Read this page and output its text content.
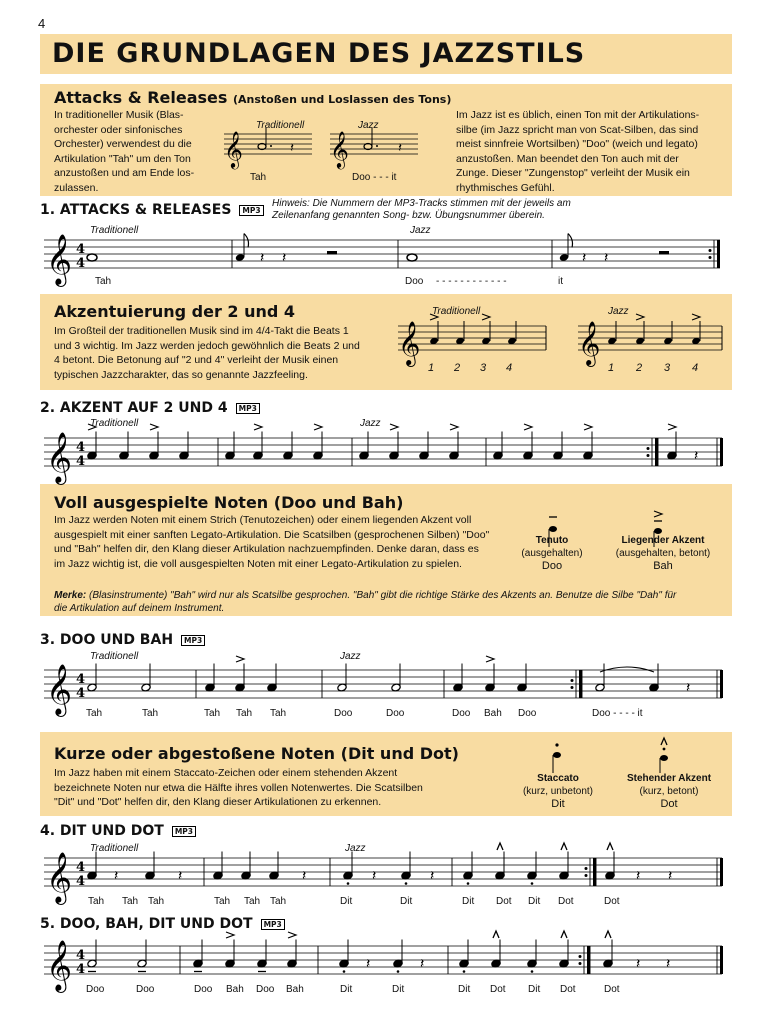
4
DIE GRUNDLAGEN DES JAZZSTILS
Attacks & Releases (Anstoßen und Loslassen des Tons)
In traditioneller Musik (Blas-
orchester oder sinfonisches
Orchester) verwendest du die
Artikulation "Tah" um den Ton
anzustoßen und am Ende los-
zulassen.
Im Jazz ist es üblich, einen Ton mit der Artikulations-
silbe (im Jazz spricht man von Scat-Silben, das sind
meist sinnfreie Wortsilben) "Doo" (weich und legato)
anzustoßen. Man beendet den Ton auch mit der
Zunge. Dieser "Zungenstop" verleiht der Musik ein
rhythmisches Gefühl.
Traditionell	Jazz
Tah	Doo - - - it
𝄞	𝄞
𝄽	𝄽
1. ATTACKS & RELEASES MP3
Hinweis: Die Nummern der MP3-Tracks stimmen mit der jeweils am
Zeilenanfang genannten Song- bzw. Übungsnummer überein.
Traditionell	Jazz
Tah	Doo - - - - - - - - - - - -	it
Akzentuierung der 2 und 4
Im Großteil der traditionellen Musik sind im 4/4-Takt die Beats 1
und 3 wichtig. Im Jazz werden jedoch gewöhnlich die Beats 2 und
4 betont. Die Betonung auf "2 und 4" verleiht der Musik einen
typischen Jazzcharakter, das so genannte Jazzfeeling.
Traditionell	Jazz
1 2 3 4	1 2 3 4
2. AKZENT AUF 2 UND 4 MP3
Traditionell	Jazz
Voll ausgespielte Noten (Doo und Bah)
Im Jazz werden Noten mit einem Strich (Tenutozeichen) oder einem liegenden Akzent voll
ausgespielt mit einer sanften Legato-Artikulation. Die Scatsilben (gesprochenen Silben) "Doo"
und "Bah" helfen dir, den Klang dieser Artikulation nachzuempfinden. Denke daran, dass es
im Jazz wichtig ist, die voll ausgespielten Noten mit einer Legato-Artikulation zu spielen.
Tenuto
(ausgehalten)
Doo
Liegender Akzent
(ausgehalten, betont)
Bah
Merke: (Blasinstrumente) "Bah" wird nur als Scatsilbe gesprochen. "Bah" gibt die richtige Stärke des Akzents an. Benutze die Silbe "Dah" für
die Artikulation auf deinem Instrument.
3. DOO UND BAH MP3
Traditionell	Jazz
Tah	Tah	Tah Tah Tah	Doo	Doo	Doo Bah Doo	Doo - - - - it
Kurze oder abgestoßene Noten (Dit und Dot)
Im Jazz haben mit einem Staccato-Zeichen oder einem stehenden Akzent
bezeichnete Noten nur etwa die Hälfte ihres vollen Notenwertes. Die Scatsilben
"Dit" und "Dot" helfen dir, den Klang dieser Artikulationen zu erkennen.
Staccato
(kurz, unbetont)
Dit
Stehender Akzent
(kurz, betont)
Dot
4. DIT UND DOT MP3
Traditionell	Jazz
Tah Tah Tah	Tah Tah Tah	Dit	Dit	Dit Dot Dit Dot	Dot
5. DOO, BAH, DIT UND DOT MP3
Doo	Doo	Doo Bah Doo Bah	Dit	Dit	Dit Dot Dit Dot	Dot
𝄞 4
4	𝄽 𝄽	𝄽 𝄽
𝄞	𝄞
𝄞 4
4	𝄽
𝄞 4
4	𝄽
𝄞 4
4 𝄽	𝄽	𝄽	𝄽	𝄽	𝄽 𝄽
𝄞 4
4	𝄽	𝄽	𝄽 𝄽
